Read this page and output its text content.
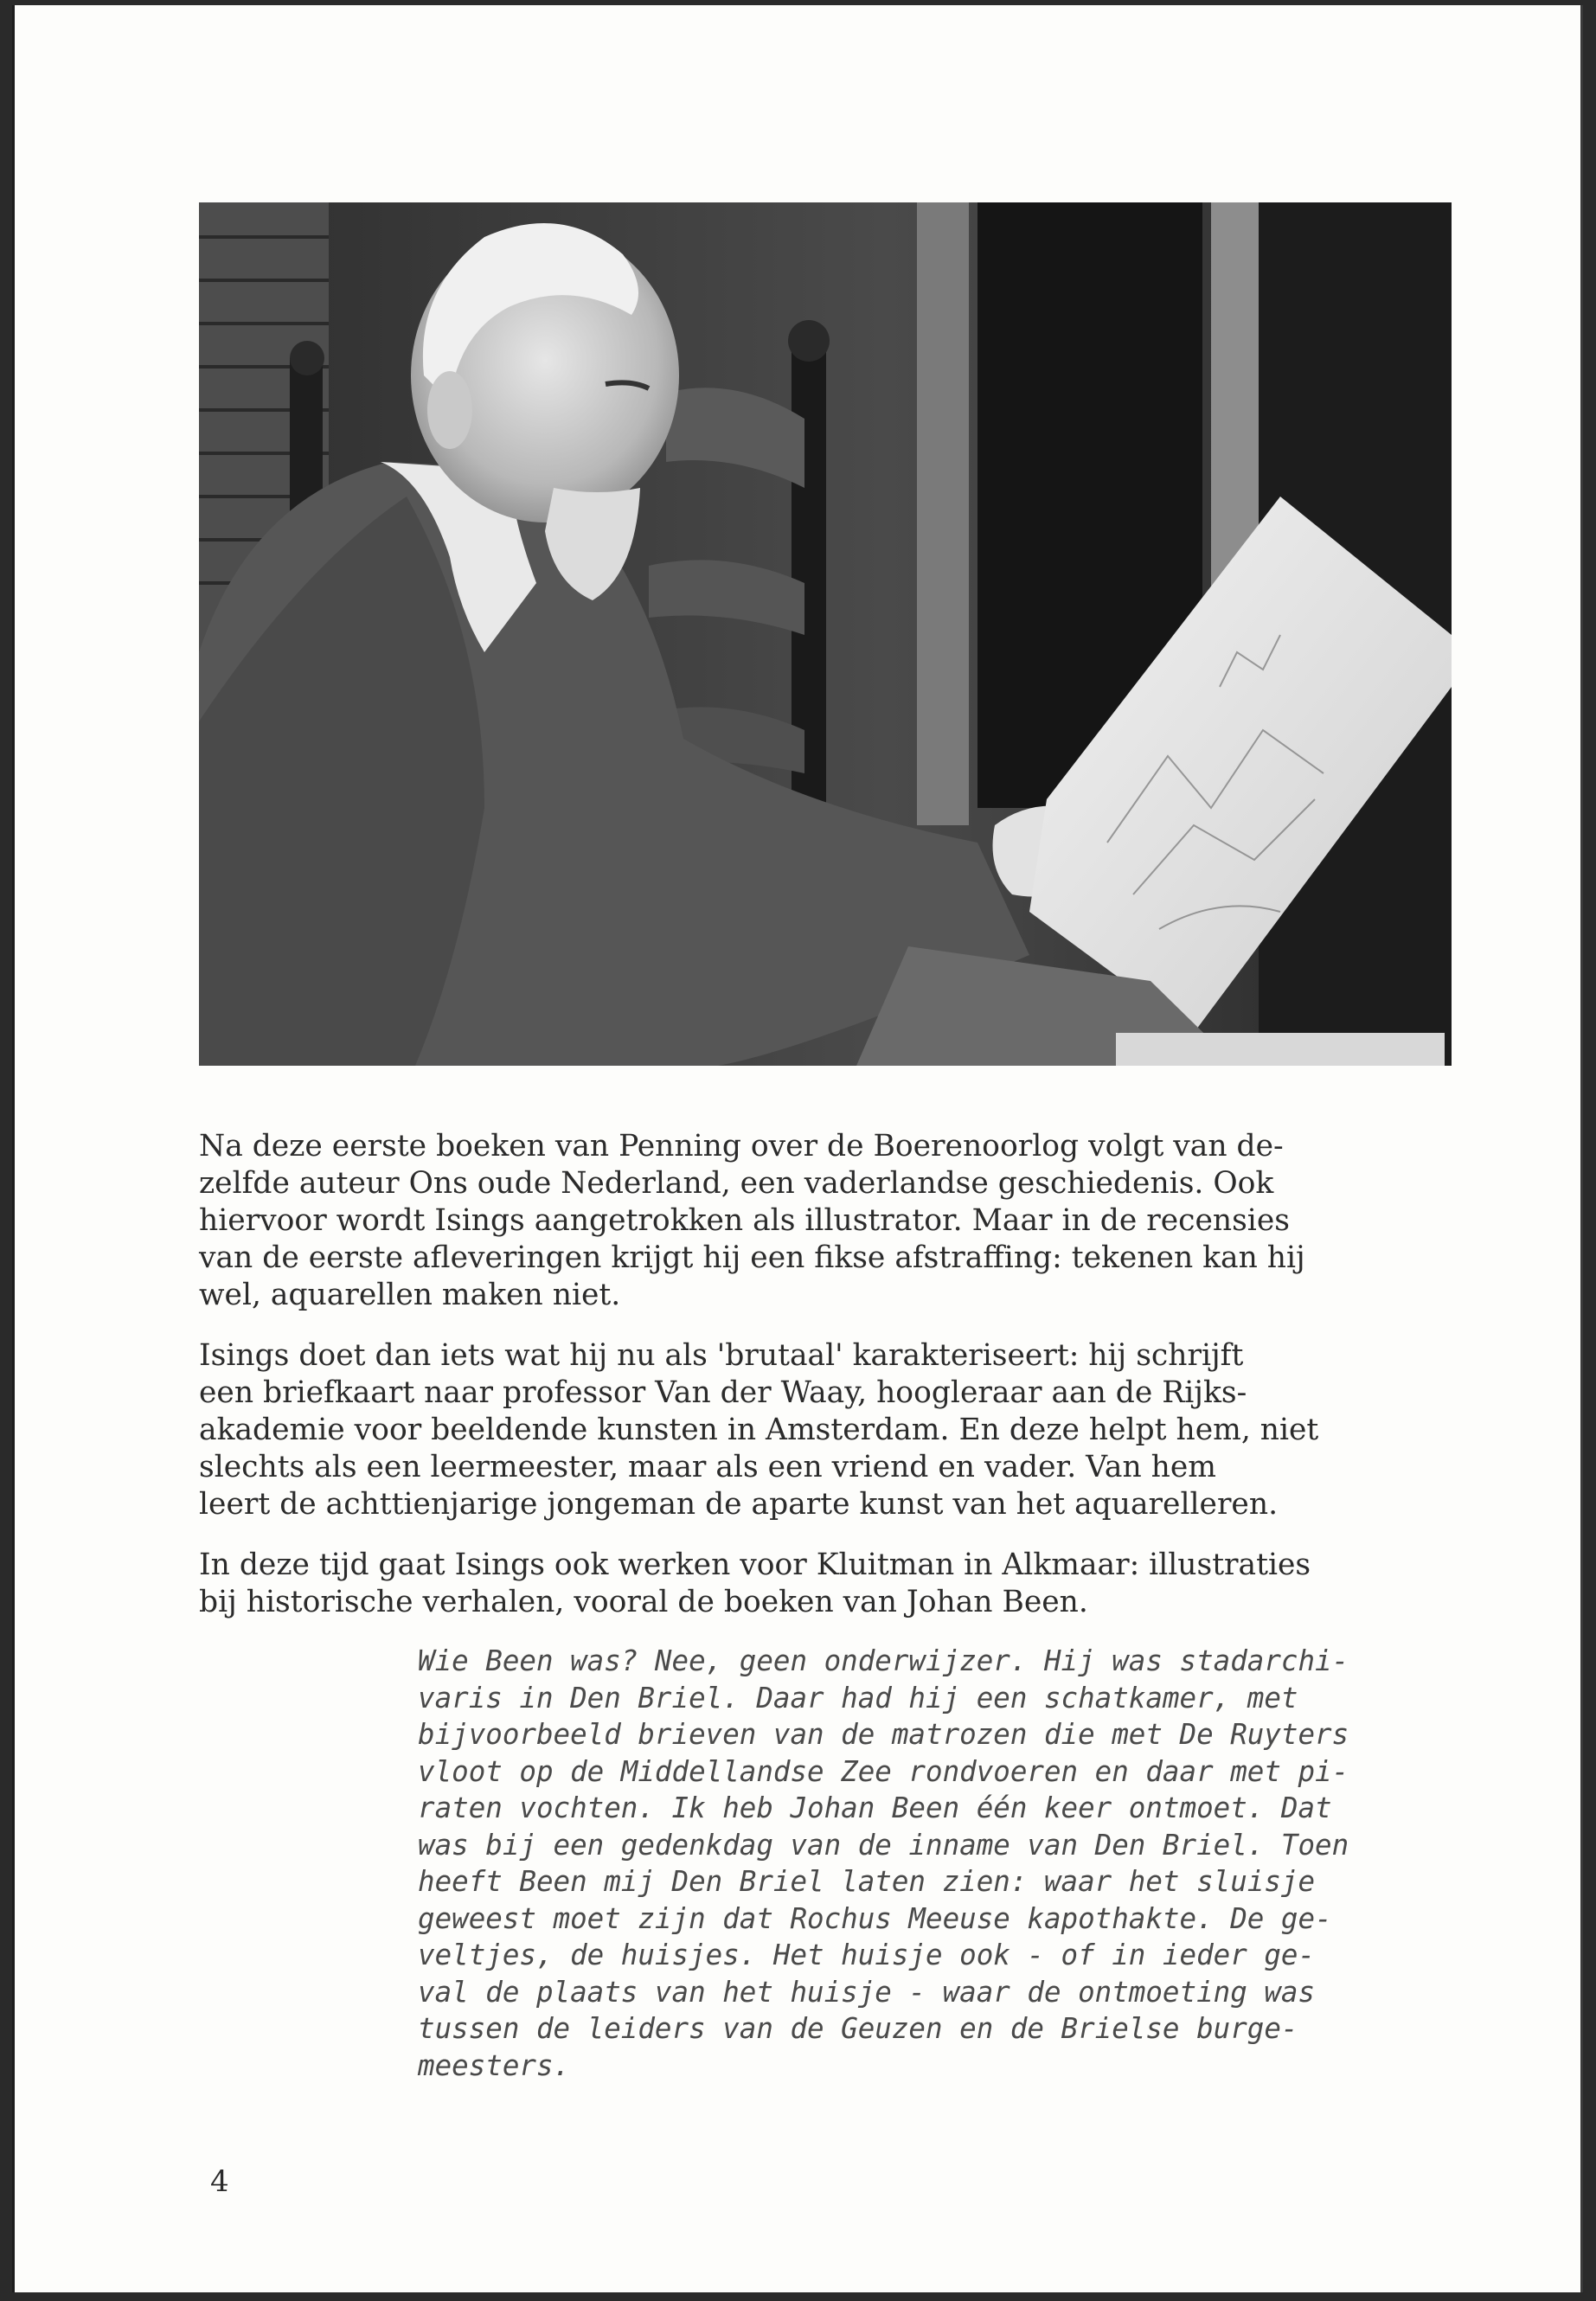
Na deze eerste boeken van Penning over de Boerenoorlog volgt van de-
zelfde auteur Ons oude Nederland, een vaderlandse geschiedenis. Ook
hiervoor wordt Isings aangetrokken als illustrator. Maar in de recensies
van de eerste afleveringen krijgt hij een fikse afstraffing: tekenen kan hij
wel, aquarellen maken niet.

Isings doet dan iets wat hij nu als 'brutaal' karakteriseert: hij schrijft
een briefkaart naar professor Van der Waay, hoogleraar aan de Rijks-
akademie voor beeldende kunsten in Amsterdam. En deze helpt hem, niet
slechts als een leermeester, maar als een vriend en vader. Van hem
leert de achttienjarige jongeman de aparte kunst van het aquarelleren.

In deze tijd gaat Isings ook werken voor Kluitman in Alkmaar: illustraties
bij historische verhalen, vooral de boeken van Johan Been.

Wie Been was? Nee, geen onderwijzer. Hij was stadarchi-
varis in Den Briel. Daar had hij een schatkamer, met
bijvoorbeeld brieven van de matrozen die met De Ruyters
vloot op de Middellandse Zee rondvoeren en daar met pi-
raten vochten. Ik heb Johan Been één keer ontmoet. Dat
was bij een gedenkdag van de inname van Den Briel. Toen
heeft Been mij Den Briel laten zien: waar het sluisje
geweest moet zijn dat Rochus Meeuse kapothakte. De ge-
veltjes, de huisjes. Het huisje ook - of in ieder ge-
val de plaats van het huisje - waar de ontmoeting was
tussen de leiders van de Geuzen en de Brielse burge-
meesters.

4
